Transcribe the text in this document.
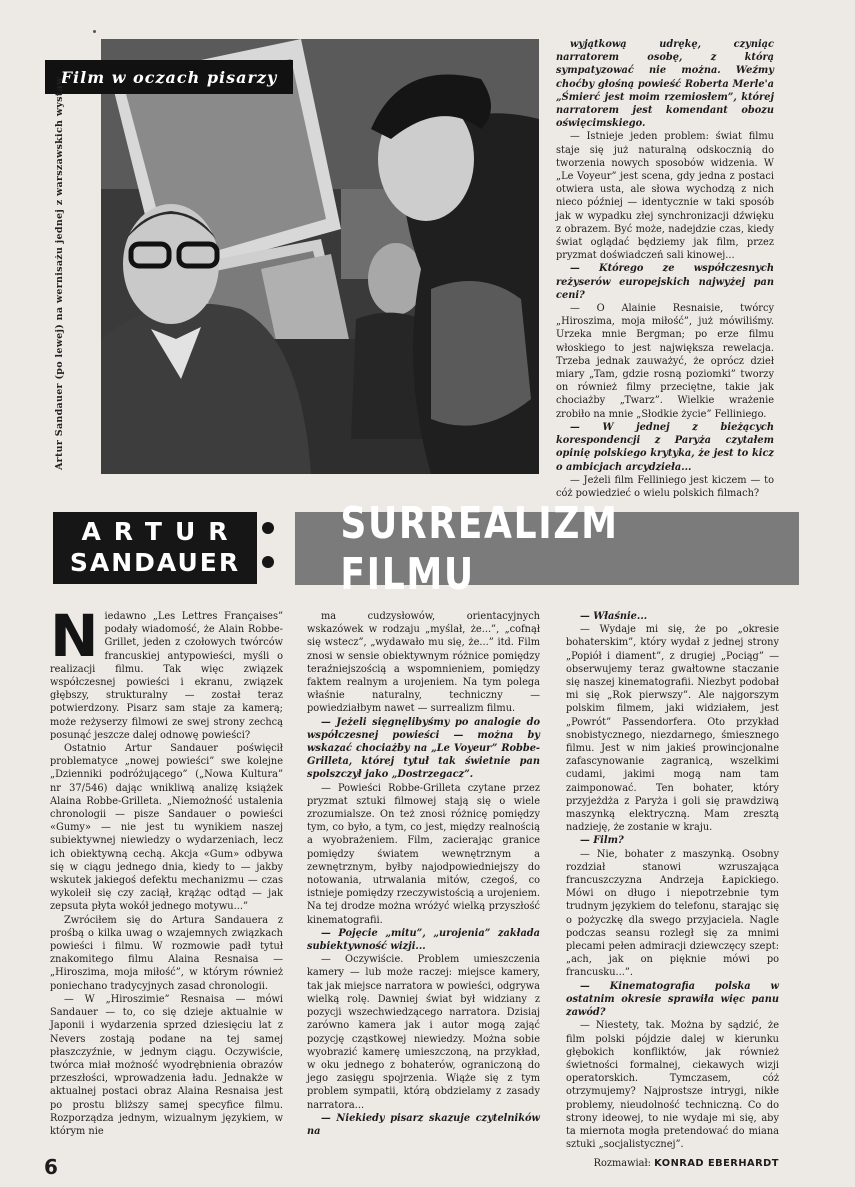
Film w oczach pisarzy
Artur Sandauer (po lewej) na wernisażu jednej z warszawskich wystaw

wyjątkową udrękę, czyniąc narratorem osobę, z którą sympatyzować nie można. Weźmy choćby głośną powieść Roberta Merle'a „Śmierć jest moim rzemiosłem”, której narratorem jest komendant obozu oświęcimskiego.

— Istnieje jeden problem: świat filmu staje się już naturalną odskocznią do tworzenia nowych sposobów widzenia. W „Le Voyeur” jest scena, gdy jedna z postaci otwiera usta, ale słowa wychodzą z nich nieco później — identycznie w taki sposób jak w wypadku złej synchronizacji dźwięku z obrazem. Być może, nadejdzie czas, kiedy świat oglądać będziemy jak film, przez pryzmat doświadczeń sali kinowej...

— Którego ze współczesnych reżyserów europejskich najwyżej pan ceni?

— O Alainie Resnaisie, twórcy „Hiroszima, moja miłość”, już mówiliśmy. Urzeka mnie Bergman; po erze filmu włoskiego to jest największa rewelacja. Trzeba jednak zauważyć, że oprócz dzieł miary „Tam, gdzie rosną poziomki” tworzy on również filmy przeciętne, takie jak chociażby „Twarz”. Wielkie wrażenie zrobiło na mnie „Słodkie życie” Felliniego.

— W jednej z bieżących korespondencji z Paryża czytałem opinię polskiego krytyka, że jest to kicz o ambicjach arcydzieła...

— Jeżeli film Felliniego jest kiczem — to cóż powiedzieć o wielu polskich filmach?

ARTUR
SANDAUER
SURREALIZM FILMU
N iedawno „Les Lettres Françaises” podały wiadomość, że Alain Robbe-Grillet, jeden z czołowych twórców francuskiej antypowieści, myśli o realizacji filmu. Tak więc związek współczesnej powieści i ekranu, związek głębszy, strukturalny — został teraz potwierdzony. Pisarz sam staje za kamerą; może reżyserzy filmowi ze swej strony zechcą posunąć jeszcze dalej odnowę powieści?

Ostatnio Artur Sandauer poświęcił problematyce „nowej powieści” swe kolejne „Dzienniki podróżującego” („Nowa Kultura” nr 37/546) dając wnikliwą analizę książek Alaina Robbe-Grilleta. „Niemożność ustalenia chronologii — pisze Sandauer o powieści «Gumy» — nie jest tu wynikiem naszej subiektywnej niewiedzy o wydarzeniach, lecz ich obiektywną cechą. Akcja «Gum» odbywa się w ciągu jednego dnia, kiedy to — jakby wskutek jakiegoś defektu mechanizmu — czas wykoleił się czy zaciął, krążąc odtąd — jak zepsuta płyta wokół jednego motywu...”

Zwróciłem się do Artura Sandauera z prośbą o kilka uwag o wzajemnych związkach powieści i filmu. W rozmowie padł tytuł znakomitego filmu Alaina Resnaisa — „Hiroszima, moja miłość”, w którym również poniechano tradycyjnych zasad chronologii.

— W „Hiroszimie” Resnaisa — mówi Sandauer — to, co się dzieje aktualnie w Japonii i wydarzenia sprzed dziesięciu lat z Nevers zostają podane na tej samej płaszczyźnie, w jednym ciągu. Oczywiście, twórca miał możność wyodrębnienia obrazów przeszłości, wprowadzenia ładu. Jednakże w aktualnej postaci obraz Alaina Resnaisa jest po prostu bliższy samej specyfice filmu. Rozporządza jednym, wizualnym językiem, w którym nie

ma cudzysłowów, orientacyjnych wskazówek w rodzaju „myślał, że...”, „cofnął się wstecz”, „wydawało mu się, że...” itd. Film znosi w sensie obiektywnym różnice pomiędzy teraźniejszością a wspomnieniem, pomiędzy faktem realnym a urojeniem. Na tym polega właśnie naturalny, techniczny — powiedziałbym nawet — surrealizm filmu.

— Jeżeli sięgnęlibyśmy po analogie do współczesnej powieści — można by wskazać chociażby na „Le Voyeur” Robbe-Grilleta, której tytuł tak świetnie pan spolszczył jako „Dostrzegacz”.

— Powieści Robbe-Grilleta czytane przez pryzmat sztuki filmowej stają się o wiele zrozumialsze. On też znosi różnicę pomiędzy tym, co było, a tym, co jest, między realnością a wyobrażeniem. Film, zacierając granice pomiędzy światem wewnętrznym a zewnętrznym, byłby najodpowiedniejszy do notowania, utrwalania mitów, czegoś, co istnieje pomiędzy rzeczywistością a urojeniem. Na tej drodze można wróżyć wielką przyszłość kinematografii.

— Pojęcie „mitu”, „urojenia” zakłada subiektywność wizji...

— Oczywiście. Problem umieszczenia kamery — lub może raczej: miejsce kamery, tak jak miejsce narratora w powieści, odgrywa wielką rolę. Dawniej świat był widziany z pozycji wszechwiedzącego narratora. Dzisiaj zarówno kamera jak i autor mogą zająć pozycję cząstkowej niewiedzy. Można sobie wyobrazić kamerę umieszczoną, na przykład, w oku jednego z bohaterów, ograniczoną do jego zasięgu spojrzenia. Wiąże się z tym problem sympatii, którą obdzielamy z zasady narratora...

— Niekiedy pisarz skazuje czytelników na

— Właśnie...

— Wydaje mi się, że po „okresie bohaterskim”, który wydał z jednej strony „Popiół i diament”, z drugiej „Pociąg” — obserwujemy teraz gwałtowne staczanie się naszej kinematografii. Niezbyt podobał mi się „Rok pierwszy”. Ale najgorszym polskim filmem, jaki widziałem, jest „Powrót” Passendorfera. Oto przykład snobistycznego, niezdarnego, śmiesznego filmu. Jest w nim jakieś prowincjonalne zafascynowanie zagranicą, wszelkimi cudami, jakimi mogą nam tam zaimponować. Ten bohater, który przyjeżdża z Paryża i goli się prawdziwą maszynką elektryczną. Mam zresztą nadzieję, że zostanie w kraju.

— Film?

— Nie, bohater z maszynką. Osobny rozdział stanowi wzruszająca francuszczyzna Andrzeja Łapickiego. Mówi on długo i niepotrzebnie tym trudnym językiem do telefonu, starając się o pożyczkę dla swego przyjaciela. Nagle podczas seansu rozległ się za mnimi plecami pełen admiracji dziewczęcy szept: „ach, jak on pięknie mówi po francusku...”.

— Kinematografia polska w ostatnim okresie sprawiła więc panu zawód?

— Niestety, tak. Można by sądzić, że film polski pójdzie dalej w kierunku głębokich konfliktów, jak również świetności formalnej, ciekawych wizji operatorskich. Tymczasem, cóż otrzymujemy? Najprostsze intrygi, nikłe problemy, nieudolność techniczną. Co do strony ideowej, to nie wydaje mi się, aby ta miernota mogła pretendować do miana sztuki „socjalistycznej”.

Rozmawiał: KONRAD EBERHARDT

6
